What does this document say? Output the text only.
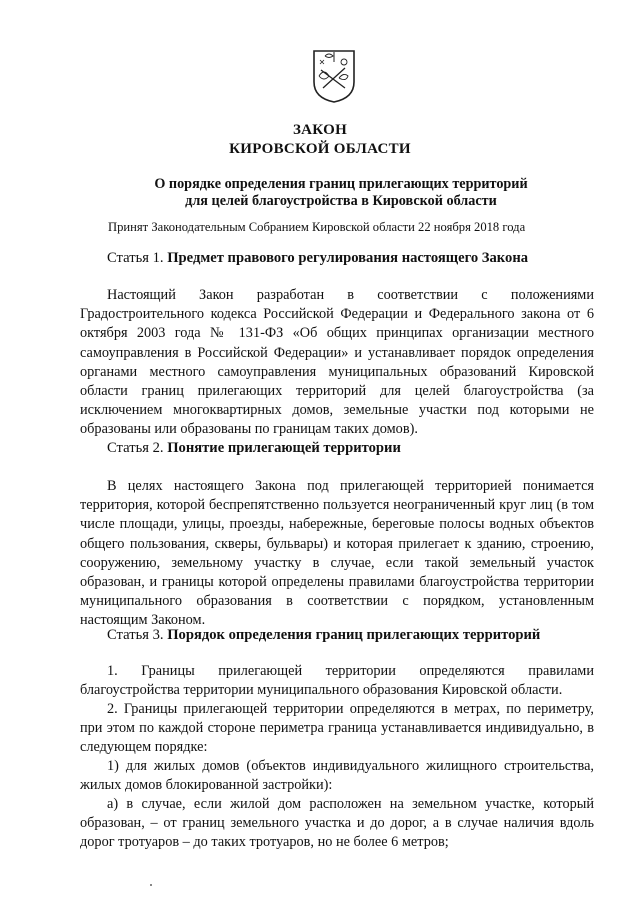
ЗАКОН
КИРОВСКОЙ ОБЛАСТИ
О порядке определения границ прилегающих территорий
для целей благоустройства в Кировской области
Принят Законодательным Собранием Кировской области 22 ноября 2018 года
Статья 1. Предмет правового регулирования настоящего Закона
Настоящий Закон разработан в соответствии с положениями Градостроительного кодекса Российской Федерации и Федерального закона от 6 октября 2003 года № 131-ФЗ «Об общих принципах организации местного самоуправления в Российской Федерации» и устанавливает порядок определения органами местного самоуправления муниципальных образований Кировской области границ прилегающих территорий для целей благоустройства (за исключением многоквартирных домов, земельные участки под которыми не образованы или образованы по границам таких домов).
Статья 2. Понятие прилегающей территории
В целях настоящего Закона под прилегающей территорией понимается территория, которой беспрепятственно пользуется неограниченный круг лиц (в том числе площади, улицы, проезды, набережные, береговые полосы водных объектов общего пользования, скверы, бульвары) и которая прилегает к зданию, строению, сооружению, земельному участку в случае, если такой земельный участок образован, и границы которой определены правилами благоустройства территории муниципального образования в соответствии с порядком, установленным настоящим Законом.
Статья 3. Порядок определения границ прилегающих территорий
1. Границы прилегающей территории определяются правилами благоустройства территории муниципального образования Кировской области.
2. Границы прилегающей территории определяются в метрах, по периметру, при этом по каждой стороне периметра граница устанавливается индивидуально, в следующем порядке:
1) для жилых домов (объектов индивидуального жилищного строительства, жилых домов блокированной застройки):
а) в случае, если жилой дом расположен на земельном участке, который образован, – от границ земельного участка и до дорог, а в случае наличия вдоль дорог тротуаров – до таких тротуаров, но не более 6 метров;
